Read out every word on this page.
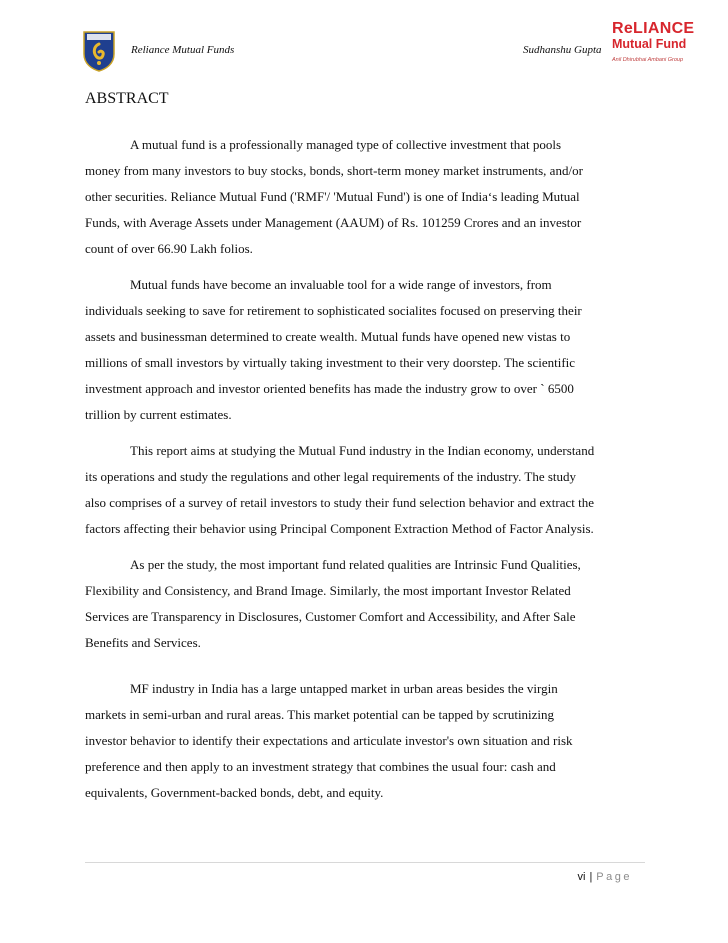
Reliance Mutual Funds	Sudhanshu Gupta
ReLIANCE
Mutual Fund
Anil Dhirubhai Ambani Group
ABSTRACT

A mutual fund is a professionally managed type of collective investment that pools money from many investors to buy stocks, bonds, short-term money market instruments, and/or other securities. Reliance Mutual Fund ('RMF'/ 'Mutual Fund') is one of India‘s leading Mutual Funds, with Average Assets under Management (AAUM) of Rs. 101259 Crores and an investor count of over 66.90 Lakh folios.

Mutual funds have become an invaluable tool for a wide range of investors, from individuals seeking to save for retirement to sophisticated socialites focused on preserving their assets and businessman determined to create wealth. Mutual funds have opened new vistas to millions of small investors by virtually taking investment to their very doorstep. The scientific investment approach and investor oriented benefits has made the industry grow to over ` 6500 trillion by current estimates.

This report aims at studying the Mutual Fund industry in the Indian economy, understand its operations and study the regulations and other legal requirements of the industry. The study also comprises of a survey of retail investors to study their fund selection behavior and extract the factors affecting their behavior using Principal Component Extraction Method of Factor Analysis.

As per the study, the most important fund related qualities are Intrinsic Fund Qualities, Flexibility and Consistency, and Brand Image. Similarly, the most important Investor Related Services are Transparency in Disclosures, Customer Comfort and Accessibility, and After Sale Benefits and Services.

MF industry in India has a large untapped market in urban areas besides the virgin markets in semi-urban and rural areas. This market potential can be tapped by scrutinizing investor behavior to identify their expectations and articulate investor's own situation and risk preference and then apply to an investment strategy that combines the usual four: cash and equivalents, Government-backed bonds, debt, and equity.

vi | Page
